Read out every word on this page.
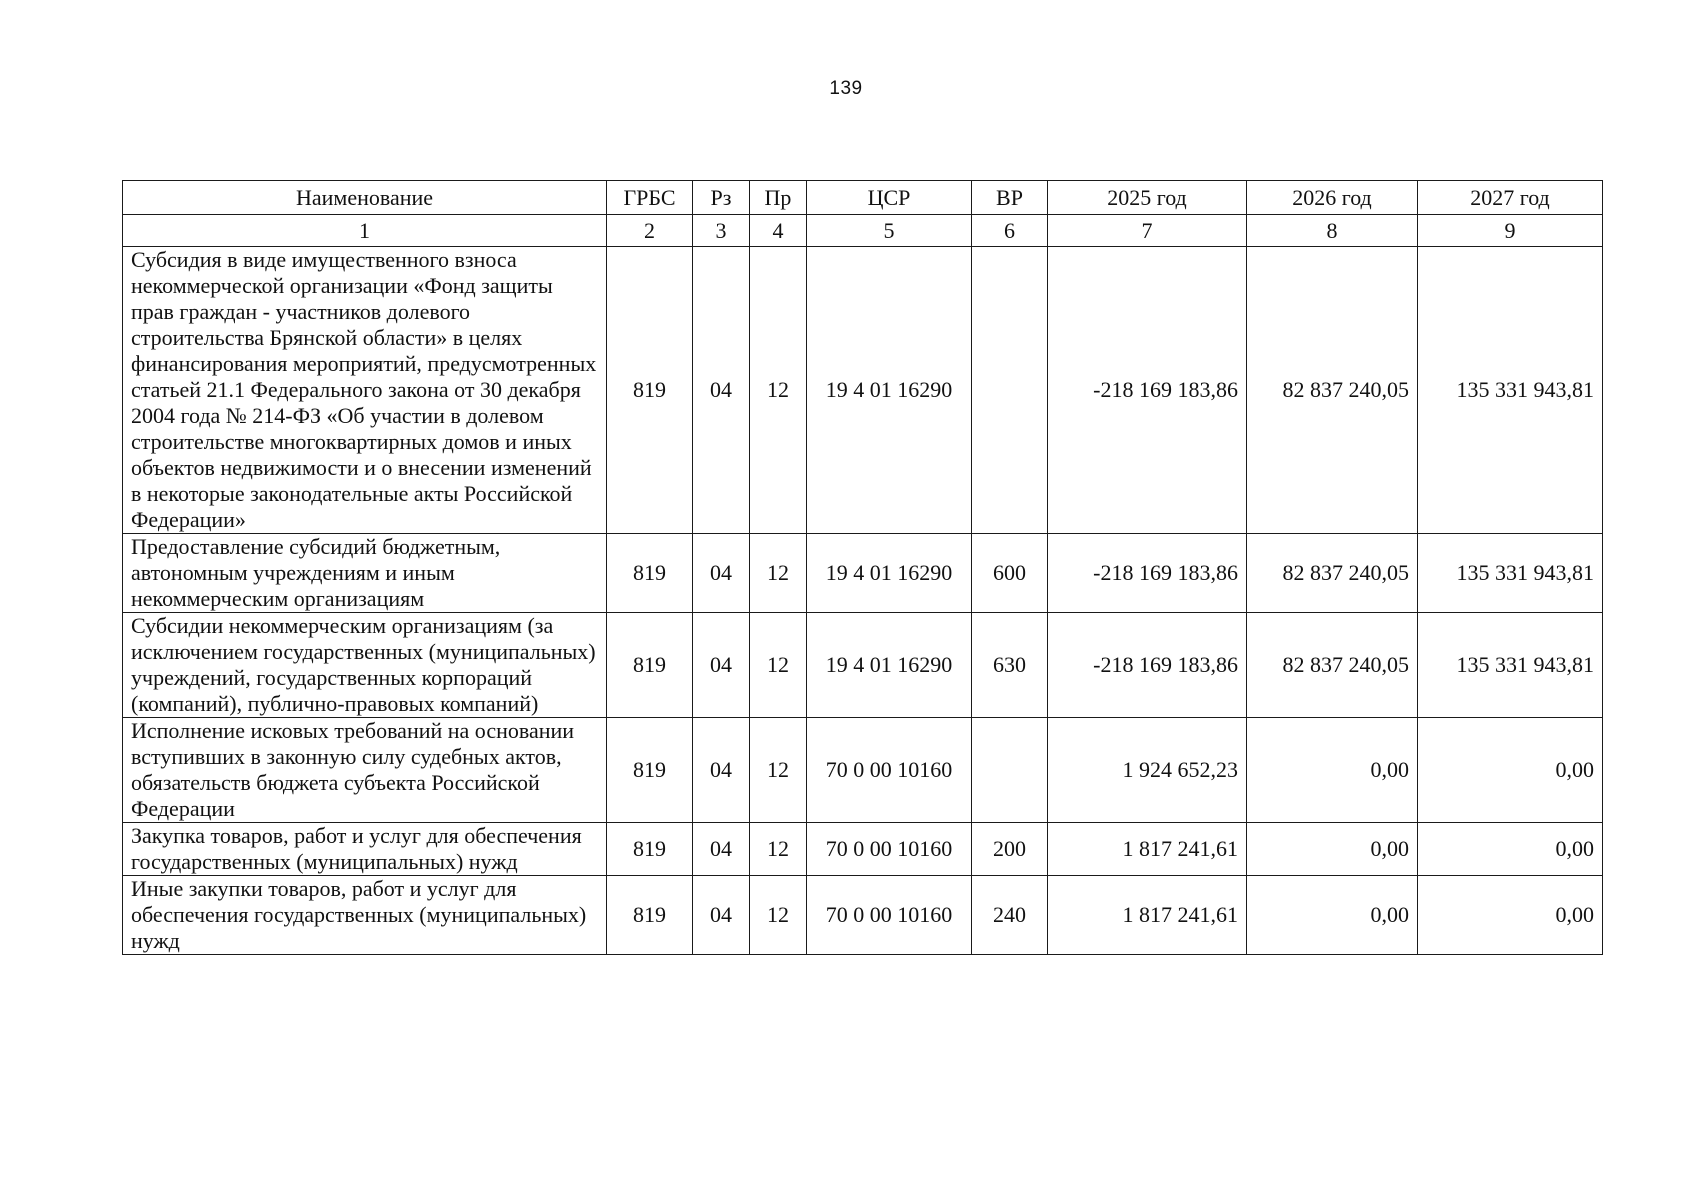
139
Наименование	ГРБС	Рз	Пр	ЦСР	ВР	2025 год	2026 год	2027 год
1	2	3	4	5	6	7	8	9
Субсидия в виде имущественного взноса некоммерческой организации «Фонд защиты прав граждан - участников долевого строительства Брянской области» в целях финансирования мероприятий, предусмотренных статьей 21.1 Федерального закона от 30 декабря 2004 года № 214-ФЗ «Об участии в долевом строительстве многоквартирных домов и иных объектов недвижимости и о внесении изменений в некоторые законодательные акты Российской Федерации»	819	04	12	19 4 01 16290		-218 169 183,86	82 837 240,05	135 331 943,81
Предоставление субсидий бюджетным, автономным учреждениям и иным некоммерческим организациям	819	04	12	19 4 01 16290	600	-218 169 183,86	82 837 240,05	135 331 943,81
Субсидии некоммерческим организациям (за исключением государственных (муниципальных) учреждений, государственных корпораций (компаний), публично-правовых компаний)	819	04	12	19 4 01 16290	630	-218 169 183,86	82 837 240,05	135 331 943,81
Исполнение исковых требований на основании вступивших в законную силу судебных актов, обязательств бюджета субъекта Российской Федерации	819	04	12	70 0 00 10160		1 924 652,23	0,00	0,00
Закупка товаров, работ и услуг для обеспечения государственных (муниципальных) нужд	819	04	12	70 0 00 10160	200	1 817 241,61	0,00	0,00
Иные закупки товаров, работ и услуг для обеспечения государственных (муниципальных) нужд	819	04	12	70 0 00 10160	240	1 817 241,61	0,00	0,00
